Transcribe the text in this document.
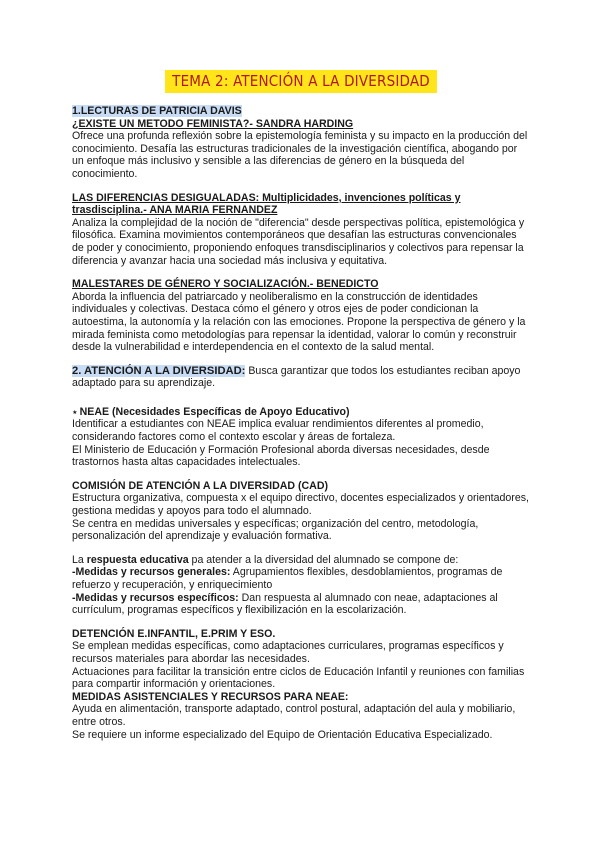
TEMA 2: ATENCIÓN A LA DIVERSIDAD

1.LECTURAS DE PATRICIA DAVIS

¿EXISTE UN METODO FEMINISTA?- SANDRA HARDING

Ofrece una profunda reflexión sobre la epistemología feminista y su impacto en la producción del conocimiento. Desafía las estructuras tradicionales de la investigación científica, abogando por un enfoque más inclusivo y sensible a las diferencias de género en la búsqueda del conocimiento.

LAS DIFERENCIAS DESIGUALADAS: Multiplicidades, invenciones políticas y trasdisciplina.- ANA MARIA FERNANDEZ

Analiza la complejidad de la noción de "diferencia" desde perspectivas política, epistemológica y filosófica. Examina movimientos contemporáneos que desafían las estructuras convencionales de poder y conocimiento, proponiendo enfoques transdisciplinarios y colectivos para repensar la diferencia y avanzar hacia una sociedad más inclusiva y equitativa.

MALESTARES DE GÉNERO Y SOCIALIZACIÓN.- BENEDICTO

Aborda la influencia del patriarcado y neoliberalismo en la construcción de identidades individuales y colectivas. Destaca cómo el género y otros ejes de poder condicionan la autoestima, la autonomía y la relación con las emociones. Propone la perspectiva de género y la mirada feminista como metodologías para repensar la identidad, valorar lo común y reconstruir desde la vulnerabilidad e interdependencia en el contexto de la salud mental.

2. ATENCIÓN A LA DIVERSIDAD: Busca garantizar que todos los estudiantes reciban apoyo adaptado para su aprendizaje.

⋆ NEAE (Necesidades Específicas de Apoyo Educativo)

Identificar a estudiantes con NEAE implica evaluar rendimientos diferentes al promedio, considerando factores como el contexto escolar y áreas de fortaleza.

El Ministerio de Educación y Formación Profesional aborda diversas necesidades, desde trastornos hasta altas capacidades intelectuales.

COMISIÓN DE ATENCIÓN A LA DIVERSIDAD (CAD)

Estructura organizativa, compuesta x el equipo directivo, docentes especializados y orientadores, gestiona medidas y apoyos para todo el alumnado.

Se centra en medidas universales y específicas; organización del centro, metodología, personalización del aprendizaje y evaluación formativa.

La respuesta educativa pa atender a la diversidad del alumnado se compone de:

-Medidas y recursos generales: Agrupamientos flexibles, desdoblamientos, programas de refuerzo y recuperación, y enriquecimiento

-Medidas y recursos específicos: Dan respuesta al alumnado con neae, adaptaciones al currículum, programas específicos y flexibilización en la escolarización.

DETENCIÓN E.INFANTIL, E.PRIM Y ESO.

Se emplean medidas específicas, como adaptaciones curriculares, programas específicos y recursos materiales para abordar las necesidades.

Actuaciones para facilitar la transición entre ciclos de Educación Infantil y reuniones con familias para compartir información y orientaciones.

MEDIDAS ASISTENCIALES Y RECURSOS PARA NEAE:

Ayuda en alimentación, transporte adaptado, control postural, adaptación del aula y mobiliario, entre otros.

Se requiere un informe especializado del Equipo de Orientación Educativa Especializado.
